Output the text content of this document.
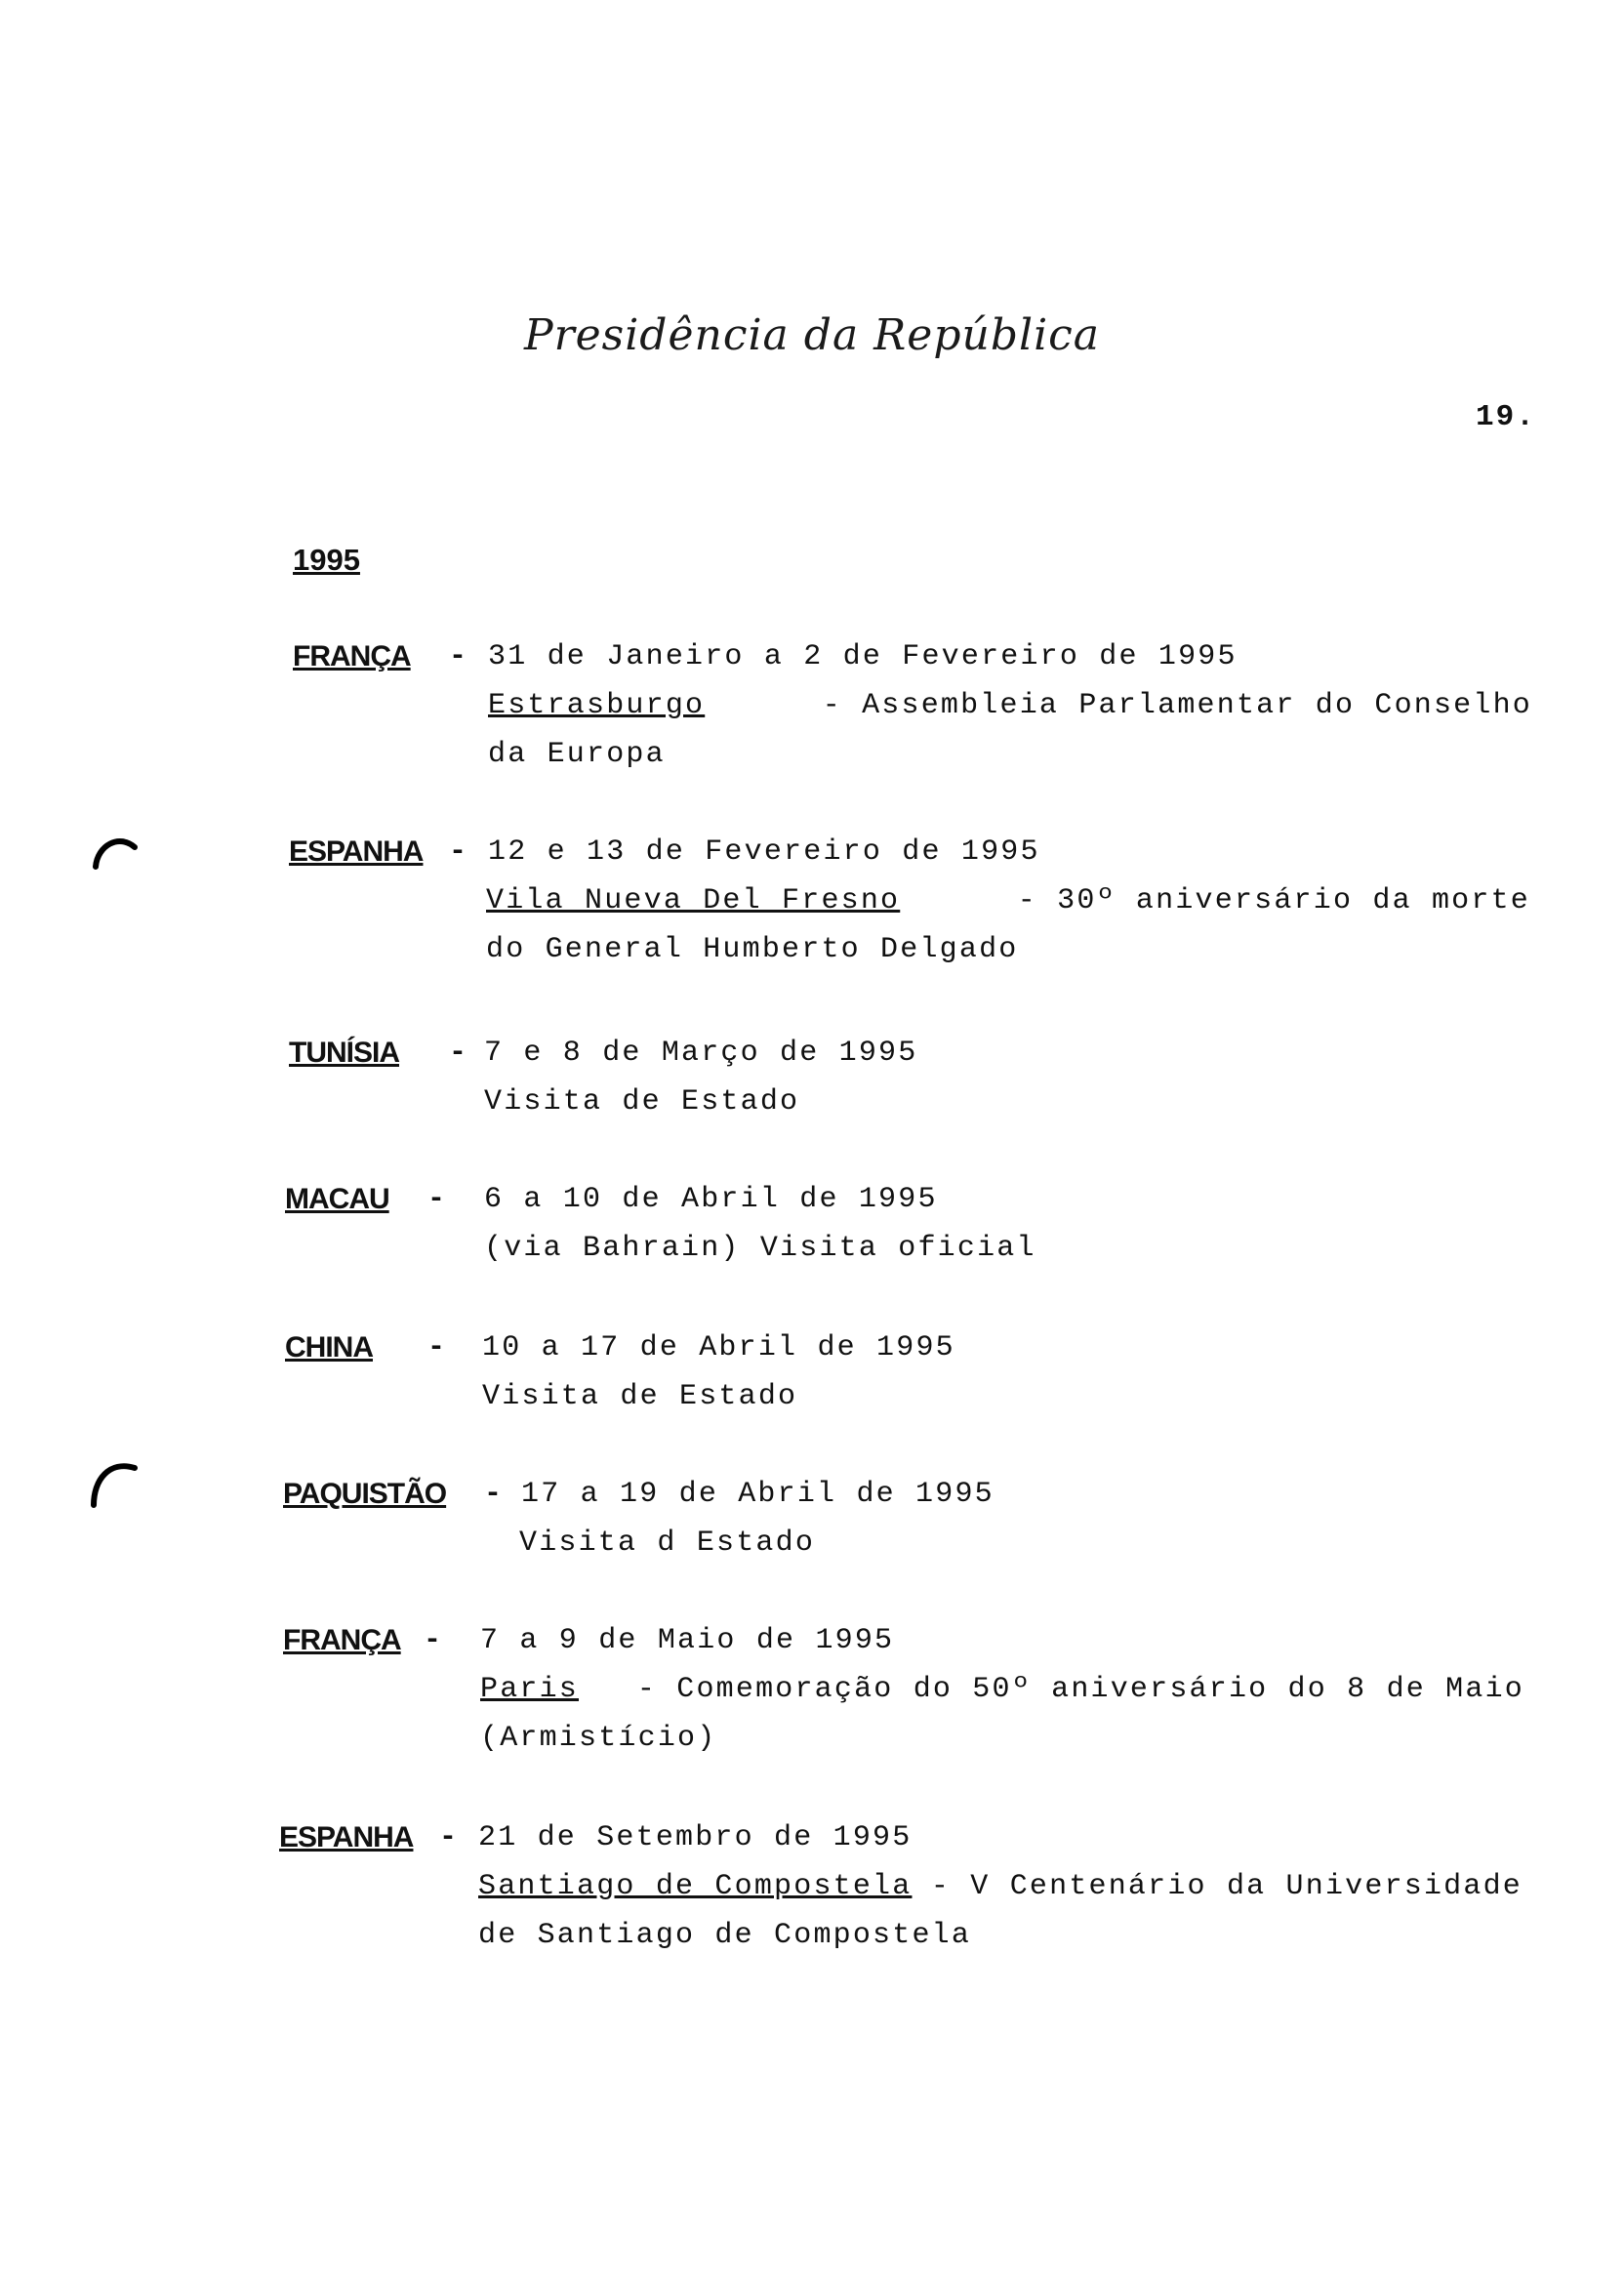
Presidência da República
19.
1995
FRANÇA - 31 de Janeiro a 2 de Fevereiro de 1995
Estrasburgo	- Assembleia Parlamentar do Conselho
da Europa
ESPANHA - 12 e 13 de Fevereiro de 1995
Vila Nueva Del Fresno	- 30º aniversário da morte
do General Humberto Delgado
TUNÍSIA - 7 e 8 de Março de 1995
Visita de Estado
MACAU - 6 a 10 de Abril de 1995
(via Bahrain) Visita oficial
CHINA - 10 a 17 de Abril de 1995
Visita de Estado
PAQUISTÃO - 17 a 19 de Abril de 1995
Visita d Estado
FRANÇA - 7 a 9 de Maio de 1995
Paris - Comemoração do 50º aniversário do 8 de Maio
(Armistício)
ESPANHA - 21 de Setembro de 1995
Santiago de Compostela - V Centenário da Universidade
de Santiago de Compostela
